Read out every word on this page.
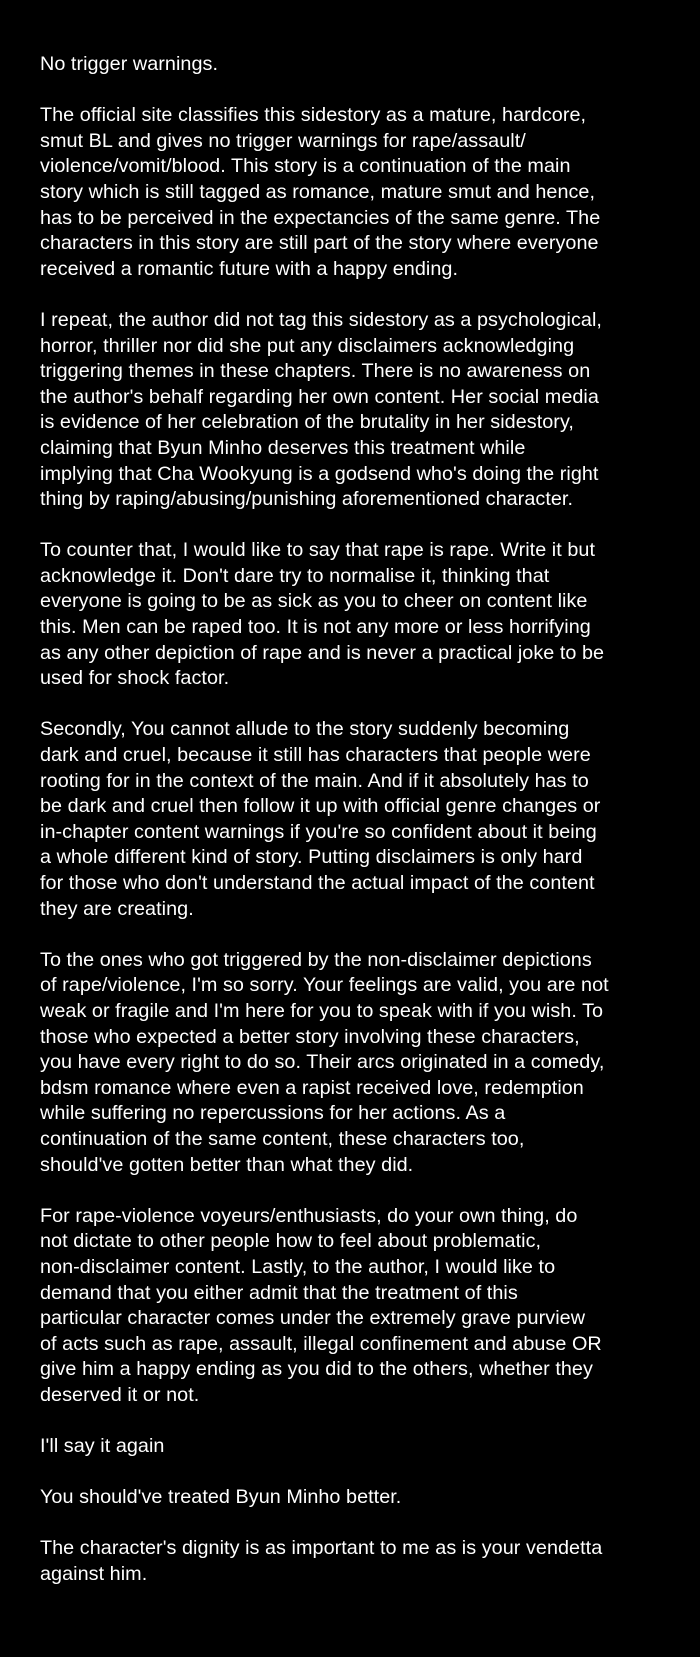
No trigger warnings.

The official site classifies this sidestory as a mature, hardcore,
smut BL and gives no trigger warnings for rape/assault/
violence/vomit/blood. This story is a continuation of the main
story which is still tagged as romance, mature smut and hence,
has to be perceived in the expectancies of the same genre. The
characters in this story are still part of the story where everyone
received a romantic future with a happy ending.

I repeat, the author did not tag this sidestory as a psychological,
horror, thriller nor did she put any disclaimers acknowledging
triggering themes in these chapters. There is no awareness on
the author's behalf regarding her own content. Her social media
is evidence of her celebration of the brutality in her sidestory,
claiming that Byun Minho deserves this treatment while
implying that Cha Wookyung is a godsend who's doing the right
thing by raping/abusing/punishing aforementioned character.

To counter that, I would like to say that rape is rape. Write it but
acknowledge it. Don't dare try to normalise it, thinking that
everyone is going to be as sick as you to cheer on content like
this. Men can be raped too. It is not any more or less horrifying
as any other depiction of rape and is never a practical joke to be
used for shock factor.

Secondly, You cannot allude to the story suddenly becoming
dark and cruel, because it still has characters that people were
rooting for in the context of the main. And if it absolutely has to
be dark and cruel then follow it up with official genre changes or
in-chapter content warnings if you're so confident about it being
a whole different kind of story. Putting disclaimers is only hard
for those who don't understand the actual impact of the content
they are creating.

To the ones who got triggered by the non-disclaimer depictions
of rape/violence, I'm so sorry. Your feelings are valid, you are not
weak or fragile and I'm here for you to speak with if you wish. To
those who expected a better story involving these characters,
you have every right to do so. Their arcs originated in a comedy,
bdsm romance where even a rapist received love, redemption
while suffering no repercussions for her actions. As a
continuation of the same content, these characters too,
should've gotten better than what they did.

For rape-violence voyeurs/enthusiasts, do your own thing, do
not dictate to other people how to feel about problematic,
non-disclaimer content. Lastly, to the author, I would like to
demand that you either admit that the treatment of this
particular character comes under the extremely grave purview
of acts such as rape, assault, illegal confinement and abuse OR
give him a happy ending as you did to the others, whether they
deserved it or not.

I'll say it again

You should've treated Byun Minho better.

The character's dignity is as important to me as is your vendetta
against him.
